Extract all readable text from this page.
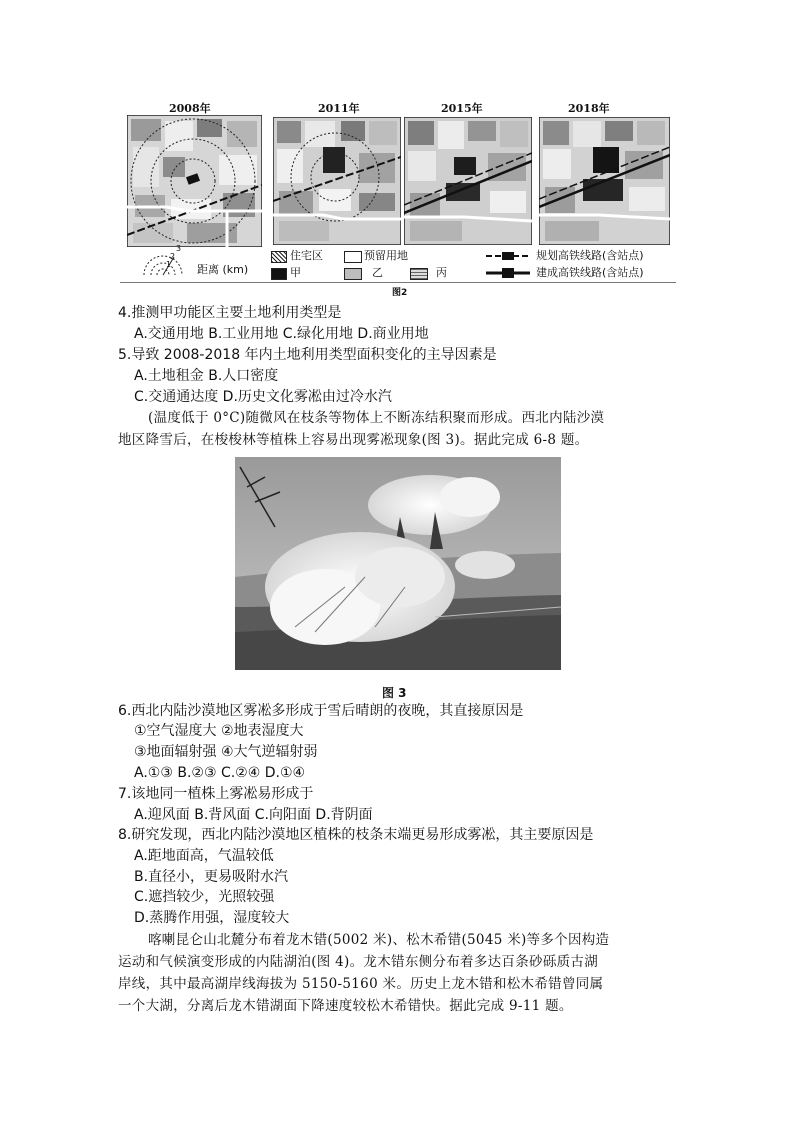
2008年	2011年	2015年	2018年
1
2
3
距离 (km)
住宅区	预留用地
甲	乙	丙
规划高铁线路(含站点)
建成高铁线路(含站点)
图2
4.推测甲功能区主要土地利用类型是
A.交通用地 B.工业用地 C.绿化用地 D.商业用地
5.导致 2008-2018 年内土地利用类型面积变化的主导因素是
A.土地租金 B.人口密度
C.交通通达度 D.历史文化雾凇由过冷水汽
(温度低于 0°C)随微风在枝条等物体上不断冻结积聚而形成。西北内陆沙漠
地区降雪后，在梭梭林等植株上容易出现雾凇现象(图 3)。据此完成 6-8 题。
图 3
6.西北内陆沙漠地区雾凇多形成于雪后晴朗的夜晚，其直接原因是
①空气湿度大 ②地表湿度大
③地面辐射强 ④大气逆辐射弱
A.①③ B.②③ C.②④ D.①④
7.该地同一植株上雾凇易形成于
A.迎风面 B.背风面 C.向阳面 D.背阴面
8.研究发现，西北内陆沙漠地区植株的枝条末端更易形成雾凇，其主要原因是
A.距地面高，气温较低
B.直径小，更易吸附水汽
C.遮挡较少，光照较强
D.蒸腾作用强，湿度较大
喀喇昆仑山北麓分布着龙木错(5002 米)、松木希错(5045 米)等多个因构造
运动和气候演变形成的内陆湖泊(图 4)。龙木错东侧分布着多达百条砂砾质古湖
岸线，其中最高湖岸线海拔为 5150-5160 米。历史上龙木错和松木希错曾同属
一个大湖，分离后龙木错湖面下降速度较松木希错快。据此完成 9-11 题。
